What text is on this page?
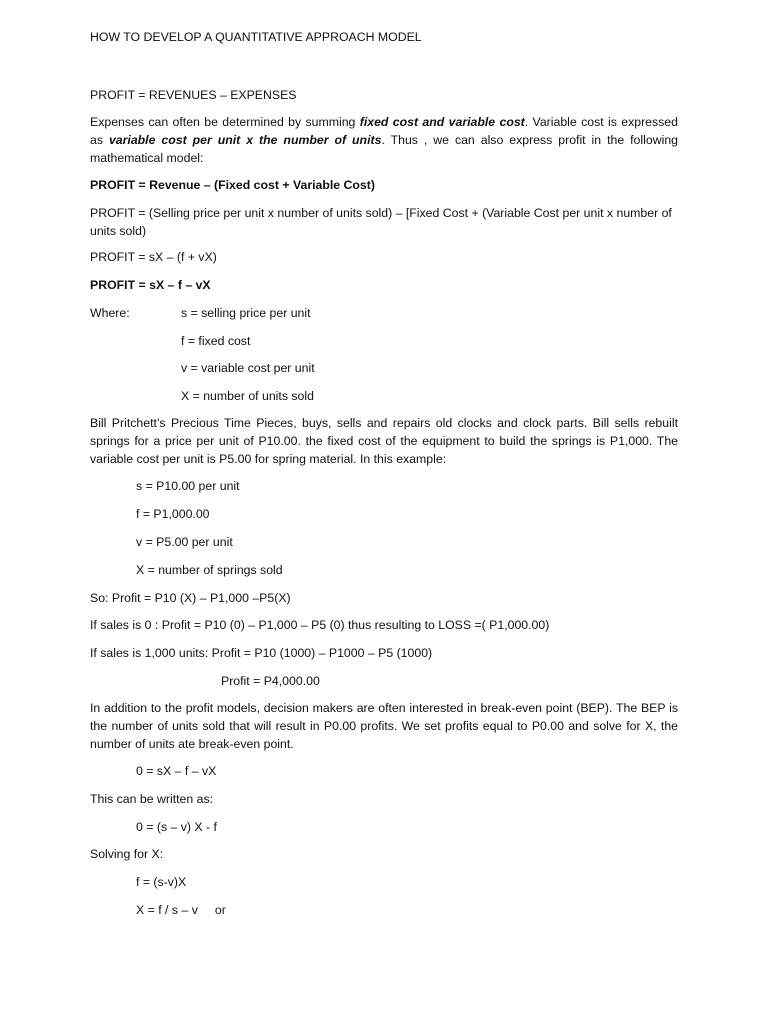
HOW TO DEVELOP A QUANTITATIVE APPROACH MODEL
PROFIT = REVENUES – EXPENSES
Expenses can often be determined by summing fixed cost and variable cost. Variable cost is expressed as variable cost per unit x the number of units. Thus , we can also express profit in the following mathematical model:
PROFIT = Revenue – (Fixed cost + Variable Cost)
PROFIT = (Selling price per unit x number of units sold) – [Fixed Cost + (Variable Cost per unit x number of units sold)
PROFIT = sX – (f + vX)
PROFIT = sX – f – vX
Where:	s = selling price per unit
f = fixed cost
v = variable cost per unit
X = number of units sold
Bill Pritchett’s Precious Time Pieces, buys, sells and repairs old clocks and clock parts. Bill sells rebuilt springs for a price per unit of P10.00. the fixed cost of the equipment to build the springs is P1,000. The variable cost per unit is P5.00 for spring material. In this example:
s = P10.00 per unit
f = P1,000.00
v = P5.00 per unit
X = number of springs sold
So: Profit = P10 (X) – P1,000 –P5(X)
If sales is 0 : Profit = P10 (0) – P1,000 – P5 (0) thus resulting to LOSS =( P1,000.00)
If sales is 1,000 units: Profit = P10 (1000) – P1000 – P5 (1000)
Profit = P4,000.00
In addition to the profit models, decision makers are often interested in break-even point (BEP). The BEP is the number of units sold that will result in P0.00 profits. We set profits equal to P0.00 and solve for X, the number of units ate break-even point.
0 = sX – f – vX
This can be written as:
0 = (s – v) X - f
Solving for X:
f = (s-v)X
X = f / s – v     or
